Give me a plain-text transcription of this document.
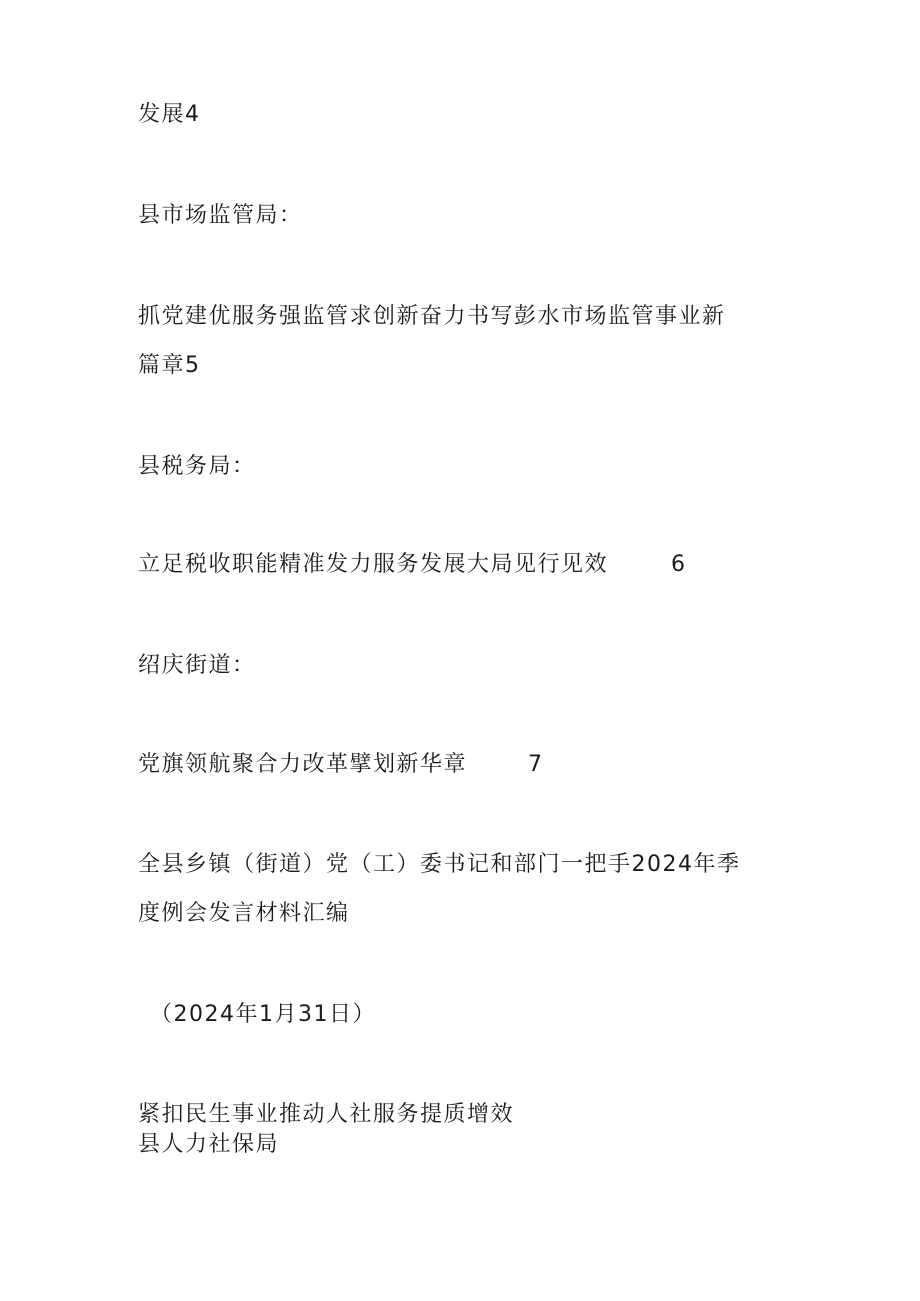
发展4
县市场监管局：
抓党建优服务强监管求创新奋力书写彭水市场监管事业新
篇章5
县税务局：
立足税收职能精准发力服务发展大局见行见效	6
绍庆街道：
党旗领航聚合力改革擘划新华章	7
全县乡镇（街道）党（工）委书记和部门一把手2024年季
度例会发言材料汇编
（2024年1月31日）
紧扣民生事业推动人社服务提质增效
县人力社保局
